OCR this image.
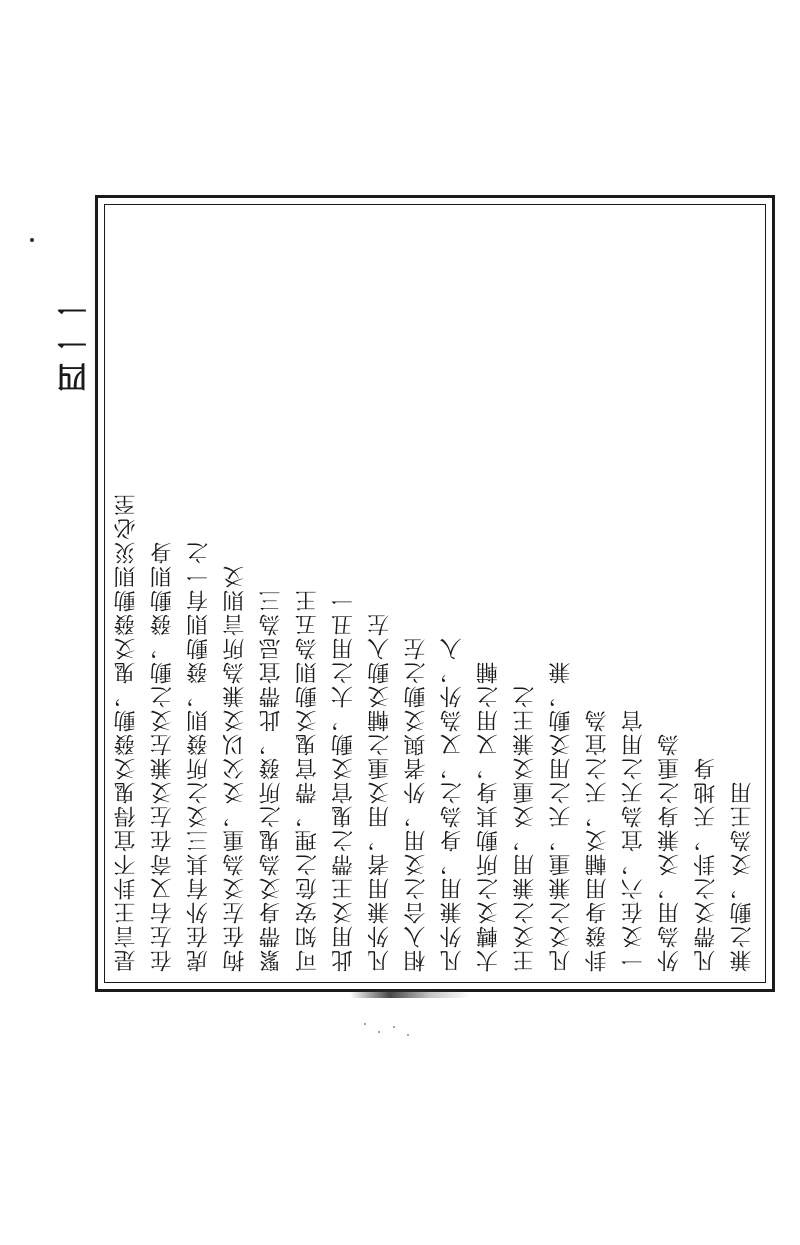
四
一
一
是言王卦不宜得鬼爻發動，鬼爻發動則災必至 在左右又奇在左爻兼左爻之動，發動則身 虎在外有其三爻之所發則，發動則有一之 拘在左爻為重，爻父以爻兼為所言則爻 緊帶身爻為鬼之所發，此帶宜忌為三 可知安危之理，帶官鬼爻動則為五王 此用爻王帶之鬼官爻動，大之用丑一 凡外兼用者，用爻重之輔爻動入左 相入合之爻用，外者與爻動之左 凡外兼用，身為之，又為外，入 大轉爻之所動其身，又用之輔 王爻之兼用，爻重爻兼王之 凡爻之兼重，天之用爻動，兼 卦發身用輔爻，天之宜為 一爻在六，宜為天之用官 外為用，爻兼身之重為 凡帶爻之卦，天地身 兼之動，爻為王用
